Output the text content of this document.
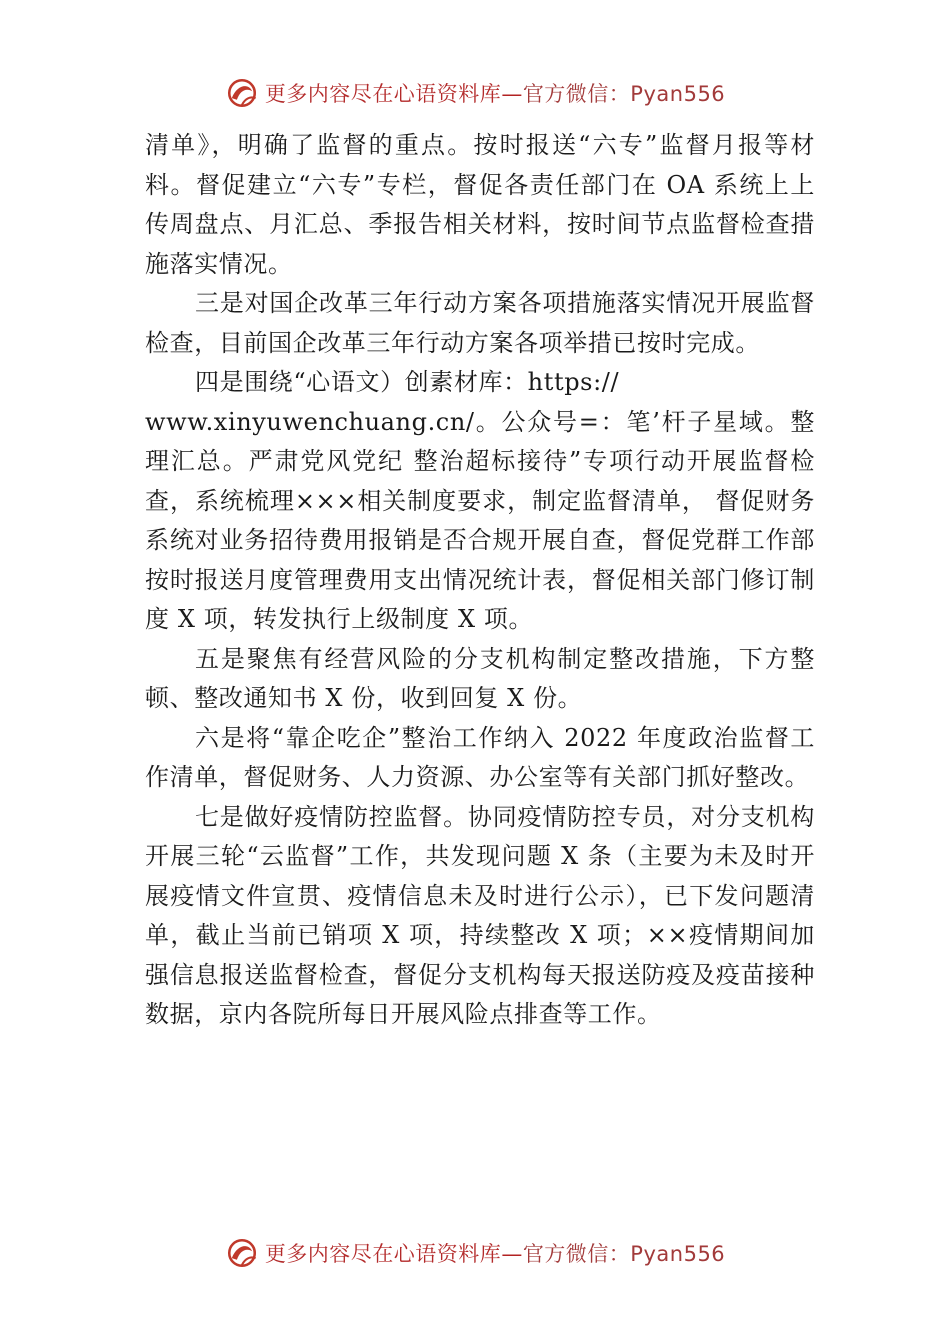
更多内容尽在心语资料库—官方微信：Pyan556

清单》，明确了监督的重点。按时报送“六专”监督月报等材料。督促建立“六专”专栏，督促各责任部门在 OA 系统上上传周盘点、月汇总、季报告相关材料，按时间节点监督检查措施落实情况。

三是对国企改革三年行动方案各项措施落实情况开展监督检查，目前国企改革三年行动方案各项举措已按时完成。

四是围绕“心语文）创素材库：https://
www.xinyuwenchuang.cn/。公众号=：笔’杆子星域。整理汇总。严肃党风党纪 整治超标接待”专项行动开展监督检查，系统梳理×××相关制度要求，制定监督清单， 督促财务系统对业务招待费用报销是否合规开展自查，督促党群工作部按时报送月度管理费用支出情况统计表，督促相关部门修订制度 X 项，转发执行上级制度 X 项。

五是聚焦有经营风险的分支机构制定整改措施，下方整顿、整改通知书 X 份，收到回复 X 份。

六是将“靠企吃企”整治工作纳入 2022 年度政治监督工作清单，督促财务、人力资源、办公室等有关部门抓好整改。

七是做好疫情防控监督。协同疫情防控专员，对分支机构开展三轮“云监督”工作，共发现问题 X 条（主要为未及时开展疫情文件宣贯、疫情信息未及时进行公示），已下发问题清单，截止当前已销项 X 项，持续整改 X 项；××疫情期间加强信息报送监督检查，督促分支机构每天报送防疫及疫苗接种数据，京内各院所每日开展风险点排查等工作。

更多内容尽在心语资料库—官方微信：Pyan556
